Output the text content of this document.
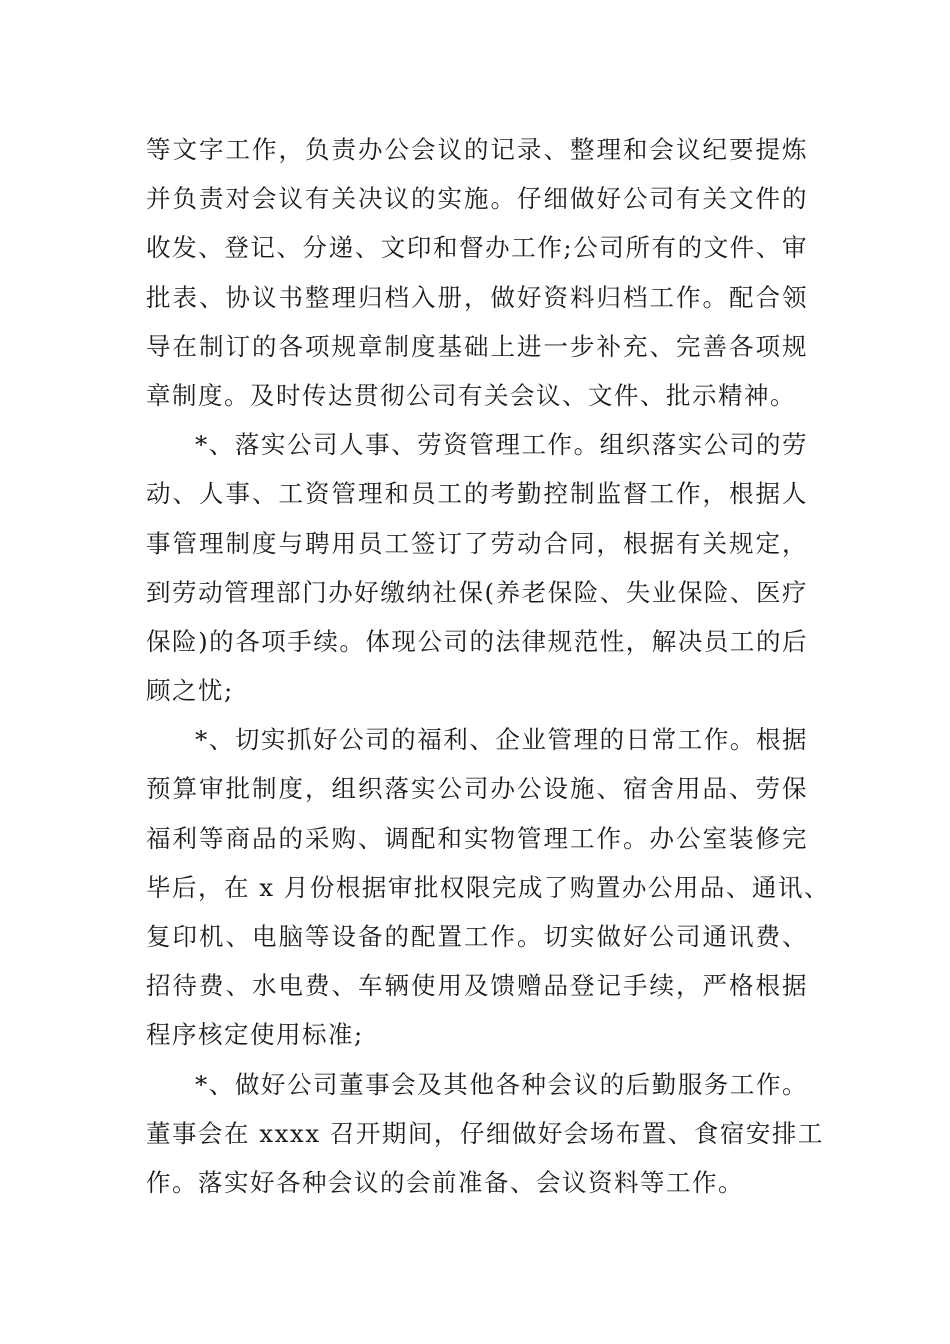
等文字工作，负责办公会议的记录、整理和会议纪要提炼
并负责对会议有关决议的实施。仔细做好公司有关文件的
收发、登记、分递、文印和督办工作;公司所有的文件、审
批表、协议书整理归档入册，做好资料归档工作。配合领
导在制订的各项规章制度基础上进一步补充、完善各项规
章制度。及时传达贯彻公司有关会议、文件、批示精神。
*、落实公司人事、劳资管理工作。组织落实公司的劳
动、人事、工资管理和员工的考勤控制监督工作，根据人
事管理制度与聘用员工签订了劳动合同，根据有关规定，
到劳动管理部门办好缴纳社保(养老保险、失业保险、医疗
保险)的各项手续。体现公司的法律规范性，解决员工的后
顾之忧;
*、切实抓好公司的福利、企业管理的日常工作。根据
预算审批制度，组织落实公司办公设施、宿舍用品、劳保
福利等商品的采购、调配和实物管理工作。办公室装修完
毕后，在 x 月份根据审批权限完成了购置办公用品、通讯、
复印机、电脑等设备的配置工作。切实做好公司通讯费、
招待费、水电费、车辆使用及馈赠品登记手续，严格根据
程序核定使用标准;
*、做好公司董事会及其他各种会议的后勤服务工作。
董事会在 xxxx 召开期间，仔细做好会场布置、食宿安排工
作。落实好各种会议的会前准备、会议资料等工作。
